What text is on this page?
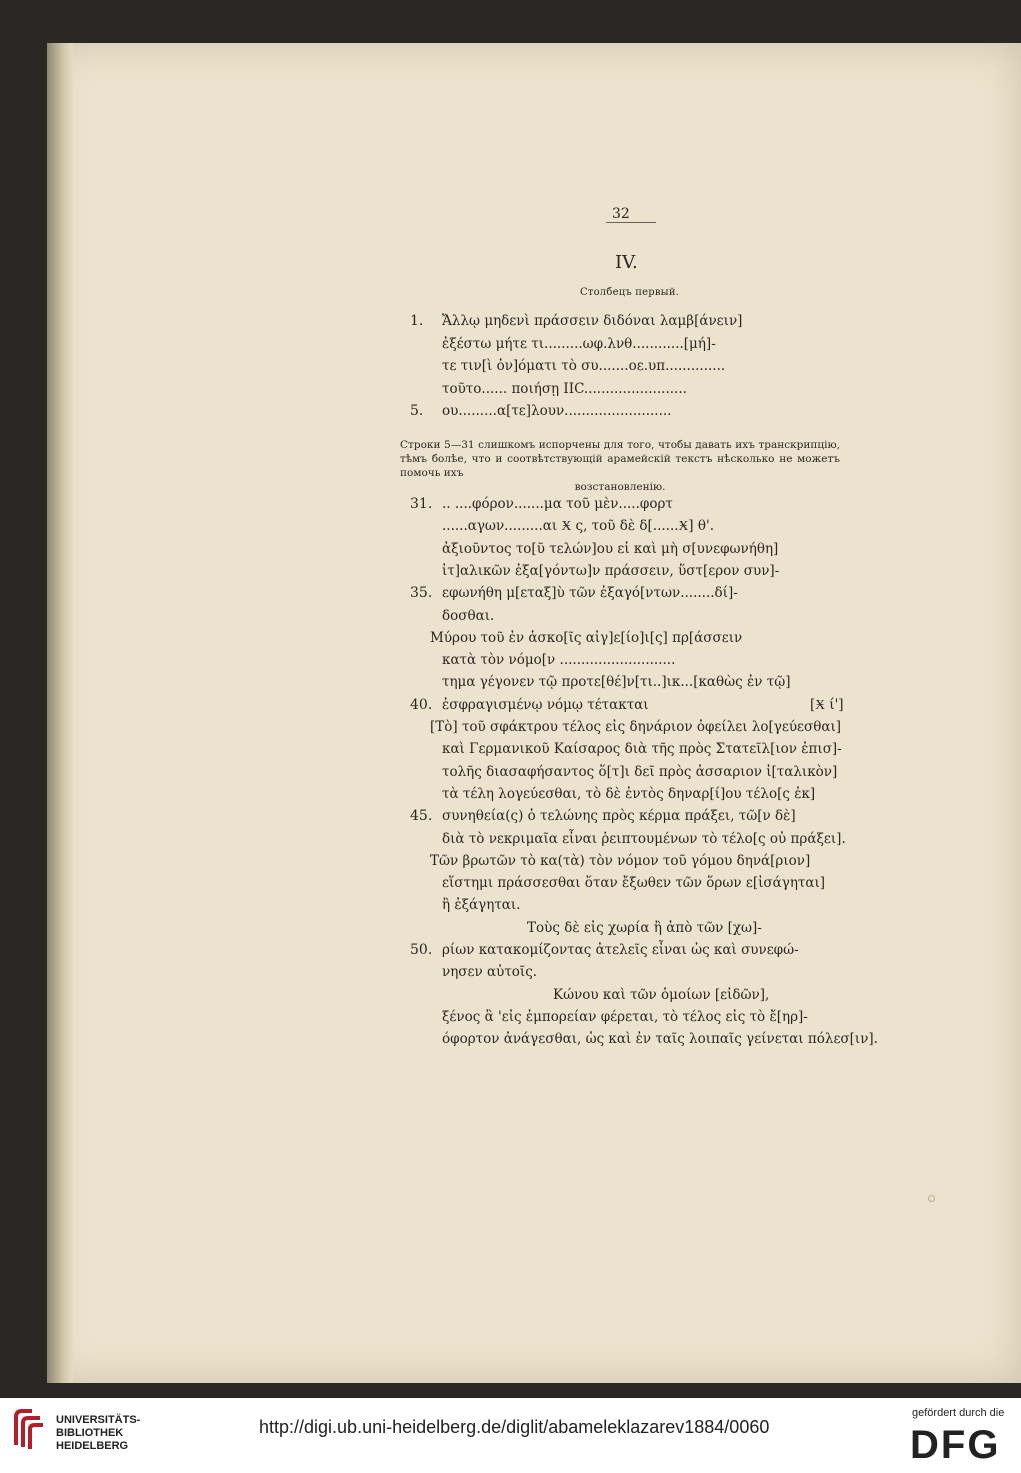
32
IV.
Столбецъ первый.
1. Ἄλλῳ μηδενὶ πράσσειν διδόναι λαμβ[άνειν]
ἐξέστω μήτε τι.........ωφ.λνθ............[μή]-
τε τιν[ὶ ὀν]όματι τὸ συ.......οε.υπ..............
τοῦτο...... ποιήσῃ ΙΙC........................
5. ου.........α[τε]λουν.........................
Строки 5—31 слишкомъ испорчены для того, чтобы давать ихъ транскрипцію, тѣмъ болѣе, что и соотвѣтствующій арамейскій текстъ нѣсколько не можетъ помочь ихъ
возстановленію.
31. .. ....φόρον.......μα τοῦ μὲν.....φορτ
......αγων.........αι Ӿ ς, τοῦ δὲ δ[......Ӿ] θ'.
ἀξιοῦντος το[ῦ τελών]ου εἰ καὶ μὴ σ[υνεφωνήθη]
ἰτ]αλικῶν ἐξα[γόντω]ν πράσσειν, ὕστ[ερον συν]-
35. εφωνήθη μ[εταξ]ὺ τῶν ἐξαγό[ντων........δί]-
δοσθαι.
Μύρου τοῦ ἐν ἀσκο[ῖς αἰγ]ε[ίο]ι[ς] πρ[άσσειν
κατὰ τὸν νόμο[ν ...........................
τημα γέγονεν τῷ προτε[θέ]ν[τι..]ικ...[καθὼς ἐν τῷ]
40. ἐσφραγισμένῳ νόμῳ τέτακται	[Ӿ ί']
[Τὸ] τοῦ σφάκτρου τέλος εἰς δηνάριον ὀφείλει λο[γεύεσθαι]
καὶ Γερμανικοῦ Καίσαρος διὰ τῆς πρὸς Στατεῖλ[ιον ἐπισ]-
τολῆς διασαφήσαντος ὅ[τ]ι δεῖ πρὸς ἀσσαριον ἰ[ταλικὸν]
τὰ τέλη λογεύεσθαι, τὸ δὲ ἐντὸς δηναρ[ί]ου τέλο[ς ἐκ]
45. συνηθεία(ς) ὁ τελώνης πρὸς κέρμα πράξει, τῶ[ν δὲ]
διὰ τὸ νεκριμαῖα εἶναι ῥειπτουμένων τὸ τέλο[ς οὐ πράξει].
Τῶν βρωτῶν τὸ κα(τὰ) τὸν νόμον τοῦ γόμου δηνά[ριον]
εἵστημι πράσσεσθαι ὅταν ἔξωθεν τῶν ὅρων ε[ἰσάγηται]
ἢ ἐξάγηται.
Τοὺς δὲ εἰς χωρία ἢ ἀπὸ τῶν [χω]-
50. ρίων κατακομίζοντας ἀτελεῖς εἶναι ὡς καὶ συνεφώ-
νησεν αὐτοῖς.
Κώνου καὶ τῶν ὁμοίων [εἰδῶν],
ξένος ἃ 'εἰς ἐμπορείαν φέρεται, τὸ τέλος εἰς τὸ ἔ[ηρ]-
όφορτον ἀνάγεσθαι, ὡς καὶ ἐν ταῖς λοιπαῖς γείνεται πόλεσ[ιν].
UNIVERSITÄTS-
BIBLIOTHEK
HEIDELBERG
http://digi.ub.uni-heidelberg.de/diglit/abameleklazarev1884/0060
gefördert durch die
DFG
